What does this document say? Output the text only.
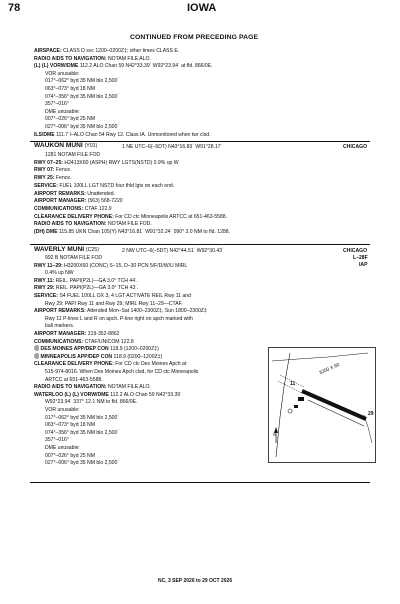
78	IOWA
CONTINUED FROM PRECEDING PAGE
AIRSPACE: CLASS D svc 1200–0200Z‡; other times CLASS E.
RADIO AIDS TO NAVIGATION: NOTAM FILE ALO.
(L) (L) VORW/DME 112.2 ALO Chan 59 N42°33.39´ W92°23.94´ at fld. 866/0E.
VOR unusable:
017°–062° byd 35 NM blo 2,500´
063°–073° byd 18 NM
074°–356° byd 35 NM blo 2,500´
357°–016°
DME unusable:
007°–026° byd 25 NM
027°–006° byd 35 NM blo 2,500´
ILS/DME 111.7 I–ALO Chan 54 Rwy 12. Class IA. Unmonitored when twr clsd.
WAUKON MUNI (Y01)	1 NE UTC–6(–5DT) N43°16.83´ W91°28.17´	CHICAGO
1281 NOTAM FILE FOD
RWY 07–25: H2413X60 (ASPH) RWY LGTS(NSTD) 0.9% up W
RWY 07: Fence.
RWY 25: Fence.
SERVICE: FUEL 100LL LGT NSTD four thld lgts on each end.
AIRPORT REMARKS: Unattended.
AIRPORT MANAGER: (563) 568-7220
COMMUNICATIONS: CTAF 122.9
CLEARANCE DELIVERY PHONE: For CD ctc Minneapolis ARTCC at 651-463-5588.
RADIO AIDS TO NAVIGATION: NOTAM FILE FOD.
(DH) DME 115.85 UKN Chan 105(Y) N43°16.81´ W91°32.24´ 090° 3.0 NM to fld. 1288.
WAVERLY MUNI (C25)	2 NW UTC–6(–5DT) N42°44.51´ W92°30.43´	CHICAGO
L–28F
IAP
992 B NOTAM FILE FOD
RWY 11–29: H3200X60 (CONC) S–15, D–30 PCN 5/F/D/W/U MIRL
0.4% up NW
RWY 11: REIL. PAPI(P2L)—GA 3.0° TCH 44´.
RWY 29: REIL. PAPI(P2L)—GA 3.0° TCH 43´.
SERVICE: S4 FUEL 100LL OX 3, 4 LGT ACTIVATE REIL Rwy 11 and
Rwy 29; PAPI Rwy 11 and Rwy 29; MIRL Rwy 11–29—CTAF.
AIRPORT REMARKS: Attended Mon–Sat 1400–2300Z‡, Sun 1800–2300Z‡
Rwy 11 P-lines L and R on apch. P-line right on apch marked with
ball markers.
AIRPORT MANAGER: 319-352-8862
COMMUNICATIONS: CTAF/UNICOM 122.8
Ⓡ DES MOINES APP/DEP CON 118.9 (1200–0200Z‡)
Ⓡ MINNEAPOLIS APP/DEP CON 118.9 (0200–1200Z‡)
CLEARANCE DELIVERY PHONE: For CD ctc Des Moines Apch at
515-974-8016. When Des Moines Apch clsd, for CD ctc Minneapolis
ARTCC at 651-463-5588.
RADIO AIDS TO NAVIGATION: NOTAM FILE ALO.
WATERLOO (L) (L) VORW/DME 112.2 ALO Chan 59 N42°33.39´
W92°23.94´ 337° 12.1 NM to fld. 866/0E.
VOR unusable:
017°–062° byd 35 NM blo 2,500´
063°–073° byd 18 NM
074°–356° byd 35 NM blo 2,500´
357°–016°
DME unusable:
007°–026° byd 25 NM
027°–006° byd 35 NM blo 2,500´
3200 X 60
11
29
N
NC, 3 SEP 2026 to 29 OCT 2026
